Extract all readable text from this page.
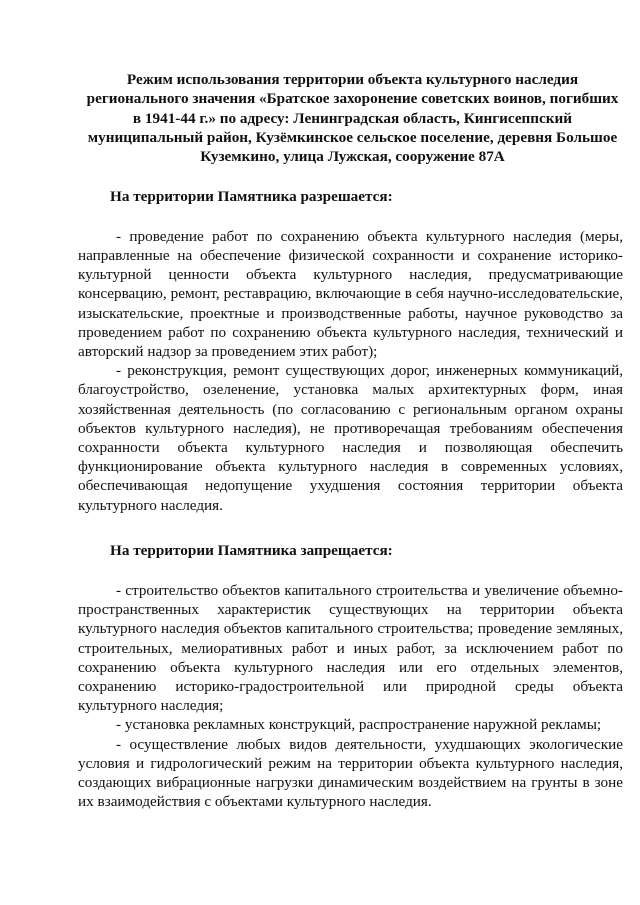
Режим использования территории объекта культурного наследия регионального значения «Братское захоронение советских воинов, погибших в 1941-44 г.» по адресу: Ленинградская область, Кингисеппский муниципальный район, Кузёмкинское сельское поселение, деревня Большое Куземкино, улица Лужская, сооружение 87А

На территории Памятника разрешается:

- проведение работ по сохранению объекта культурного наследия (меры, направленные на обеспечение физической сохранности и сохранение историко-культурной ценности объекта культурного наследия, предусматривающие консервацию, ремонт, реставрацию, включающие в себя научно-исследовательские, изыскательские, проектные и производственные работы, научное руководство за проведением работ по сохранению объекта культурного наследия, технический и авторский надзор за проведением этих работ);

- реконструкция, ремонт существующих дорог, инженерных коммуникаций, благоустройство, озеленение, установка малых архитектурных форм, иная хозяйственная деятельность (по согласованию с региональным органом охраны объектов культурного наследия), не противоречащая требованиям обеспечения сохранности объекта культурного наследия и позволяющая обеспечить функционирование объекта культурного наследия в современных условиях, обеспечивающая недопущение ухудшения состояния территории объекта культурного наследия.

На территории Памятника запрещается:

- строительство объектов капитального строительства и увеличение объемно-пространственных характеристик существующих на территории объекта культурного наследия объектов капитального строительства; проведение земляных, строительных, мелиоративных работ и иных работ, за исключением работ по сохранению объекта культурного наследия или его отдельных элементов, сохранению историко-градостроительной или природной среды объекта культурного наследия;

- установка рекламных конструкций, распространение наружной рекламы;

- осуществление любых видов деятельности, ухудшающих экологические условия и гидрологический режим на территории объекта культурного наследия, создающих вибрационные нагрузки динамическим воздействием на грунты в зоне их взаимодействия с объектами культурного наследия.
